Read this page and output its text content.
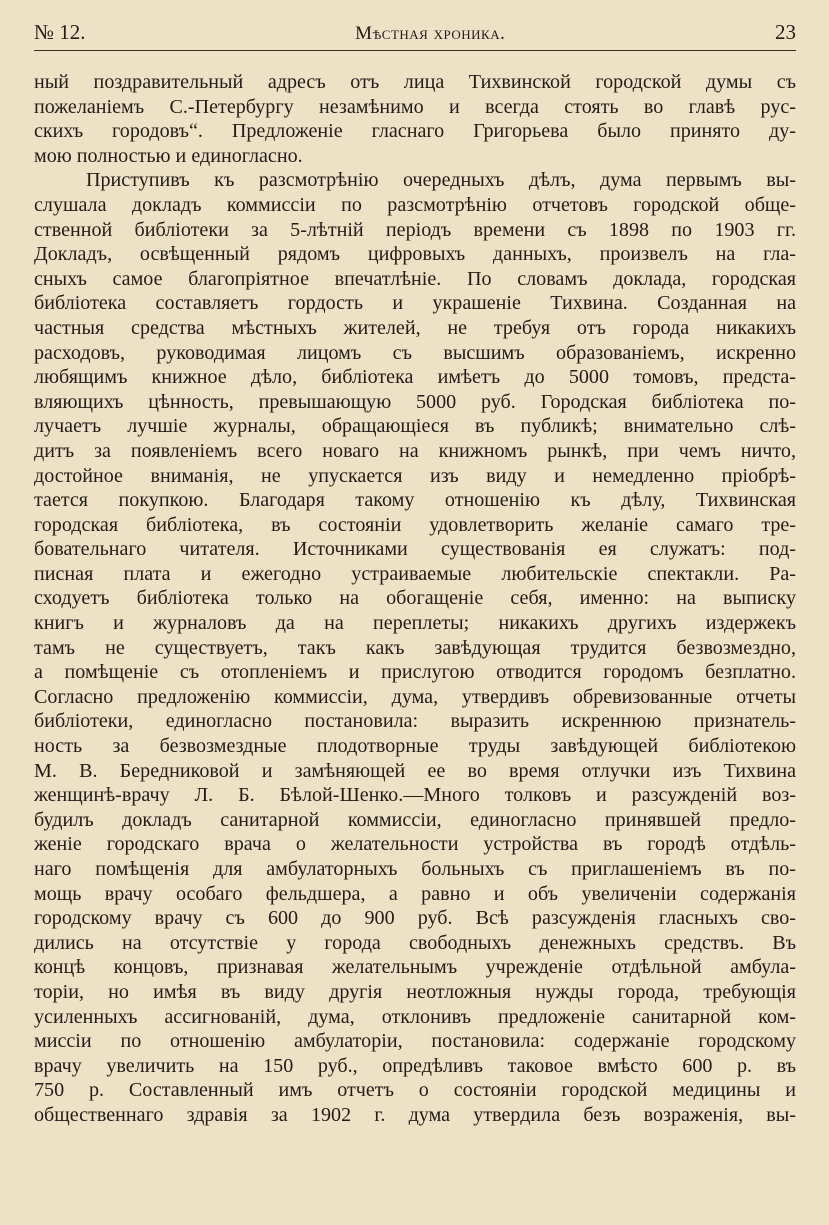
№ 12.	Мѣстная хроника.	23
ный поздравительный адресъ отъ лица Тихвинской городской думы съ
пожеланіемъ С.-Петербургу незамѣнимо и всегда стоять во главѣ рус-
скихъ городовъ“. Предложеніе гласнаго Григорьева было принято ду-
мою полностью и единогласно.
Приступивъ къ разсмотрѣнію очередныхъ дѣлъ, дума первымъ вы-
слушала докладъ коммиссіи по разсмотрѣнію отчетовъ городской обще-
ственной библіотеки за 5-лѣтній періодъ времени съ 1898 по 1903 гг.
Докладъ, освѣщенный рядомъ цифровыхъ данныхъ, произвелъ на гла-
сныхъ самое благопріятное впечатлѣніе. По словамъ доклада, городская
библіотека составляетъ гордость и украшеніе Тихвина. Созданная на
частныя средства мѣстныхъ жителей, не требуя отъ города никакихъ
расходовъ, руководимая лицомъ съ высшимъ образованіемъ, искренно
любящимъ книжное дѣло, библіотека имѣетъ до 5000 томовъ, предста-
вляющихъ цѣнность, превышающую 5000 руб. Городская библіотека по-
лучаетъ лучшіе журналы, обращающіеся въ публикѣ; внимательно слѣ-
дитъ за появленіемъ всего новаго на книжномъ рынкѣ, при чемъ ничто,
достойное вниманія, не упускается изъ виду и немедленно пріобрѣ-
тается покупкою. Благодаря такому отношенію къ дѣлу, Тихвинская
городская библіотека, въ состояніи удовлетворить желаніе самаго тре-
бовательнаго читателя. Источниками существованія ея служатъ: под-
писная плата и ежегодно устраиваемые любительскіе спектакли. Ра-
сходуетъ библіотека только на обогащеніе себя, именно: на выписку
книгъ и журналовъ да на переплеты; никакихъ другихъ издержекъ
тамъ не существуетъ, такъ какъ завѣдующая трудится безвозмездно,
а помѣщеніе съ отопленіемъ и прислугою отводится городомъ безплатно.
Согласно предложенію коммиссіи, дума, утвердивъ обревизованные отчеты
библіотеки, единогласно постановила: выразить искреннюю признатель-
ность за безвозмездные плодотворные труды завѣдующей библіотекою
М. В. Бередниковой и замѣняющей ее во время отлучки изъ Тихвина
женщинѣ-врачу Л. Б. Бѣлой-Шенко.—Много толковъ и разсужденій воз-
будилъ докладъ санитарной коммиссіи, единогласно принявшей предло-
женіе городскаго врача о желательности устройства въ городѣ отдѣль-
наго помѣщенія для амбулаторныхъ больныхъ съ приглашеніемъ въ по-
мощь врачу особаго фельдшера, а равно и объ увеличеніи содержанія
городскому врачу съ 600 до 900 руб. Всѣ разсужденія гласныхъ сво-
дились на отсутствіе у города свободныхъ денежныхъ средствъ. Въ
концѣ концовъ, признавая желательнымъ учрежденіе отдѣльной амбула-
торіи, но имѣя въ виду другія неотложныя нужды города, требующія
усиленныхъ ассигнованій, дума, отклонивъ предложеніе санитарной ком-
миссіи по отношенію амбулаторіи, постановила: содержаніе городскому
врачу увеличить на 150 руб., опредѣливъ таковое вмѣсто 600 р. въ
750 р. Составленный имъ отчетъ о состояніи городской медицины и
общественнаго здравія за 1902 г. дума утвердила безъ возраженія, вы-
